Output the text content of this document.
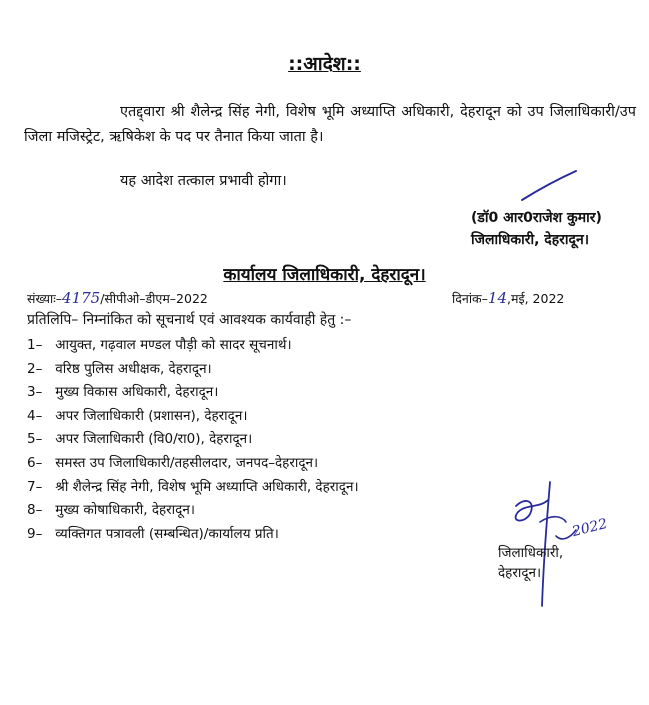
::आदेश::
एतद्द्वारा श्री शैलेन्द्र सिंह नेगी, विशेष भूमि अध्याप्ति अधिकारी, देहरादून को उप जिलाधिकारी/उप जिला मजिस्ट्रेट, ऋषिकेश के पद पर तैनात किया जाता है।
यह आदेश तत्काल प्रभावी होगा।
(डॉ0 आर0राजेश कुमार)
जिलाधिकारी, देहरादून।
कार्यालय जिलाधिकारी, देहरादून।
संख्याः–4175/सीपीओ–डीएम–2022	दिनांक–14,मई, 2022
प्रतिलिपि– निम्नांकित को सूचनार्थ एवं आवश्यक कार्यवाही हेतु :–
1– आयुक्त, गढ़वाल मण्डल पौड़ी को सादर सूचनार्थ।
2– वरिष्ठ पुलिस अधीक्षक, देहरादून।
3– मुख्य विकास अधिकारी, देहरादून।
4– अपर जिलाधिकारी (प्रशासन), देहरादून।
5– अपर जिलाधिकारी (वि0/रा0), देहरादून।
6– समस्त उप जिलाधिकारी/तहसीलदार, जनपद–देहरादून।
7– श्री शैलेन्द्र सिंह नेगी, विशेष भूमि अध्याप्ति अधिकारी, देहरादून।
8– मुख्य कोषाधिकारी, देहरादून।
9– व्यक्तिगत पत्रावली (सम्बन्धित)/कार्यालय प्रति।	2022
जिलाधिकारी,
देहरादून।
